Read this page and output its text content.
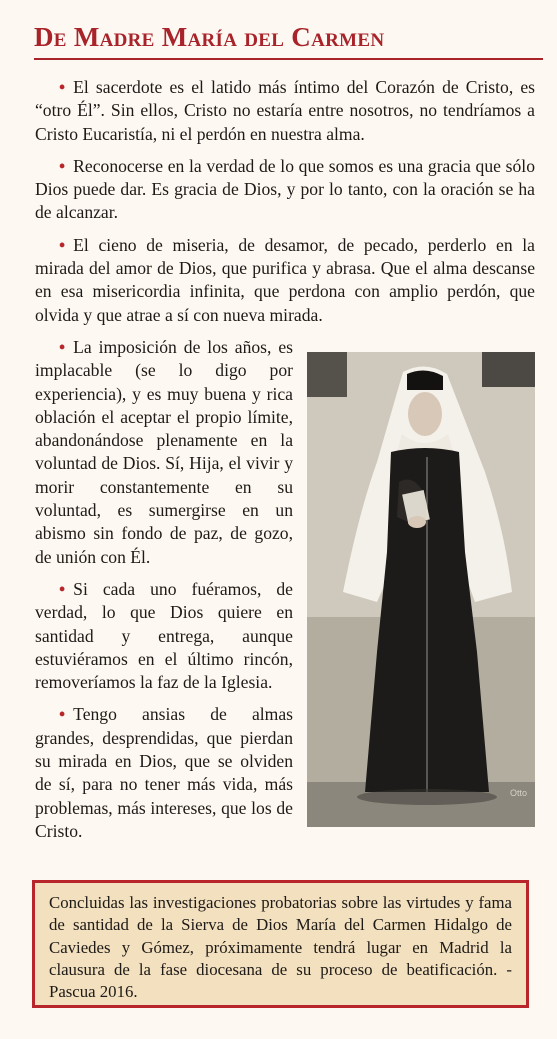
De Madre María del Carmen

• El sacerdote es el latido más íntimo del Corazón de Cristo, es “otro Él”. Sin ellos, Cristo no estaría entre nosotros, no tendríamos a Cristo Eucaristía, ni el perdón en nuestra alma.

• Reconocerse en la verdad de lo que somos es una gracia que sólo Dios puede dar. Es gracia de Dios, y por lo tanto, con la oración se ha de alcanzar.

• El cieno de miseria, de desamor, de pecado, perderlo en la mirada del amor de Dios, que purifica y abrasa. Que el alma descanse en esa misericordia infinita, que perdona con amplio perdón, que olvida y que atrae a sí con nueva mirada.

Otto

• La imposición de los años, es implacable (se lo digo por experiencia), y es muy buena y rica oblación el aceptar el propio límite, abandonándose plenamente en la voluntad de Dios. Sí, Hija, el vivir y morir constantemente en su voluntad, es sumergirse en un abismo sin fondo de paz, de gozo, de unión con Él.

• Si cada uno fuéramos, de verdad, lo que Dios quiere en santidad y entrega, aunque estuviéramos en el último rincón, removeríamos la faz de la Iglesia.

• Tengo ansias de almas grandes, desprendidas, que pierdan su mirada en Dios, que se olviden de sí, para no tener más vida, más problemas, más intereses, que los de Cristo.

Concluidas las investigaciones probatorias sobre las virtudes y fama de santidad de la Sierva de Dios María del Carmen Hidalgo de Caviedes y Gómez, próximamente tendrá lugar en Madrid la clausura de la fase diocesana de su proceso de beatificación. - Pascua 2016.
